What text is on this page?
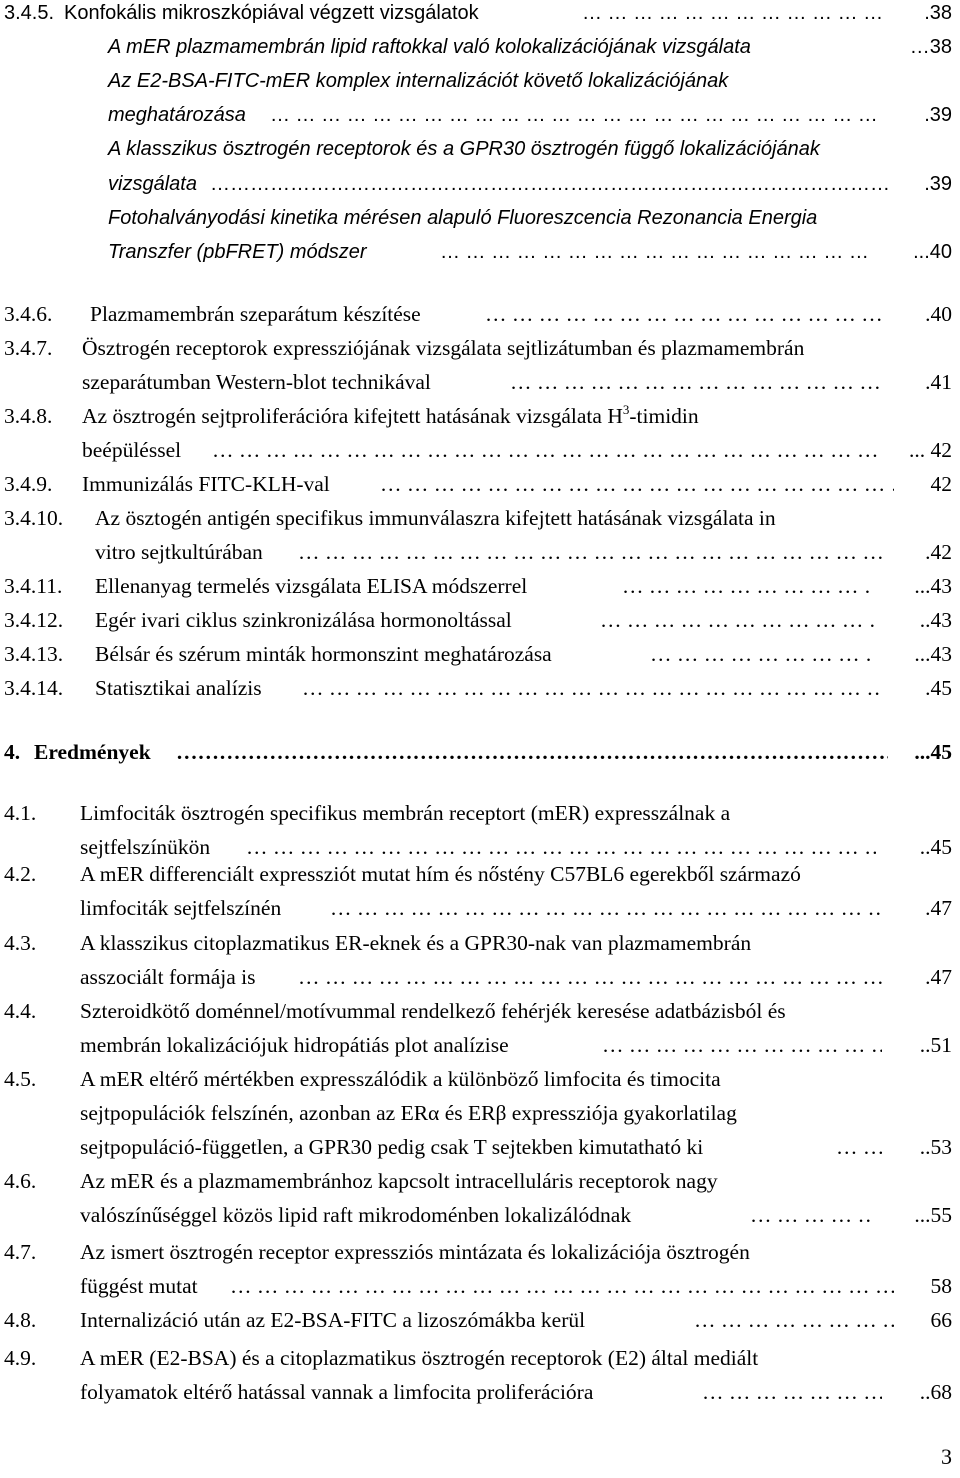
3.4.5. Konfokális mikroszkópiával végzett vizsgálatok … … … … … … … … … … … … … … … … … … … … … … … … … … … … … … … … … … … … … … … … … … … … …	.38
A mER plazmamembrán lipid raftokkal való kolokalizációjának vizsgálata	…38
Az E2-BSA-FITC-mER komplex internalizációt követő lokalizációjának
meghatározása … … … … … … … … … … … … … … … … … … … … … … … … … … … … … … … … … … … … … … … … … … … … …	.39
A klasszikus ösztrogén receptorok és a GPR30 ösztrogén függő lokalizációjának
vizsgálata ……………………………………………………………………………………………………………………………………	.39
Fotohalványodási kinetika mérésen alapuló Fluoreszcencia Rezonancia Energia
Transzfer (pbFRET) módszer … … … … … … … … … … … … … … … … … … … … … … … … … … … … … … … … … … … … … … … … … … … … …	...40
3.4.6. Plazmamembrán szeparátum készítése … … … … … … … … … … … … … … … … … … … … … … … … … … … … … … … … … … … … … … … … … … … … …	.40
3.4.7. Ösztrogén receptorok expressziójának vizsgálata sejtlizátumban és plazmamembrán
szeparátumban Western-blot technikával … … … … … … … … … … … … … … … … … … … … … … … … … … … … … … … … … … … … … … … … … … … … …	.41
3.4.8. Az ösztrogén sejtproliferációra kifejtett hatásának vizsgálata $H^3$-timidin
beépüléssel … … … … … … … … … … … … … … … … … … … … … … … … … … … … … … … … … … … … … … … … … … … … …	... 42
3.4.9. Immunizálás FITC-KLH-val … … … … … … … … … … … … … … … … … … … … … … … … … … … … … … … … … … … … … … … … … … … … …	42
3.4.10. Az ösztogén antigén specifikus immunválaszra kifejtett hatásának vizsgálata in
vitro sejtkultúrában … … … … … … … … … … … … … … … … … … … … … … … … … … … … … … … … … … … … … … … … … … … … …	.42
3.4.11. Ellenanyag termelés vizsgálata ELISA módszerrel … … … … … … … … … … … … … … … … … … … … … … … … … … … … … … … … … … … … … … … … … … … … …	...43
3.4.12. Egér ivari ciklus szinkronizálása hormonoltással … … … … … … … … … … … … … … … … … … … … … … … … … … … … … … … … … … … … … … … … … … … … …	..43
3.4.13. Bélsár és szérum minták hormonszint meghatározása … … … … … … … … … … … … … … … … … … … … … … … … … … … … … … … … … … … … … … … … … … … … …	...43
3.4.14. Statisztikai analízis … … … … … … … … … … … … … … … … … … … … … … … … … … … … … … … … … … … … … … … … … … … … …	.45
4. Eredmények ……………………………………………………………………………………………………………………………………	...45
4.1. Limfociták ösztrogén specifikus membrán receptort (mER) expresszálnak a
sejtfelszínükön … … … … … … … … … … … … … … … … … … … … … … … … … … … … … … … … … … … … … … … … … … … … …	..45
4.2. A mER differenciált expressziót mutat hím és nőstény C57BL6 egerekből származó
limfociták sejtfelszínén … … … … … … … … … … … … … … … … … … … … … … … … … … … … … … … … … … … … … … … … … … … … …	.47
4.3. A klasszikus citoplazmatikus ER-eknek és a GPR30-nak van plazmamembrán
asszociált formája is … … … … … … … … … … … … … … … … … … … … … … … … … … … … … … … … … … … … … … … … … … … … …	.47
4.4. Szteroidkötő doménnel/motívummal rendelkező fehérjék keresése adatbázisból és
membrán lokalizációjuk hidropátiás plot analízise … … … … … … … … … … … … … … … … … … … … … … … … … … … … … … … … … … … … … … … … … … … … …	..51
4.5. A mER eltérő mértékben expresszálódik a különböző limfocita és timocita
sejtpopulációk felszínén, azonban az ERα és ERβ expressziója gyakorlatilag
sejtpopuláció-független, a GPR30 pedig csak T sejtekben kimutatható ki … … … … … … … … … … … … … … … … … … … … … … … … … … … … … … … … … … … … … … … … … … … … …	..53
4.6. Az mER és a plazmamembránhoz kapcsolt intracelluláris receptorok nagy
valószínűséggel közös lipid raft mikrodoménben lokalizálódnak … … … … … … … … … … … … … … … … … … … … … … … … … … … … … … … … … … … … … … … … … … … … …	...55
4.7. Az ismert ösztrogén receptor expressziós mintázata és lokalizációja ösztrogén
függést mutat … … … … … … … … … … … … … … … … … … … … … … … … … … … … … … … … … … … … … … … … … … … … …	58
4.8. Internalizáció után az E2-BSA-FITC a lizoszómákba kerül … … … … … … … … … … … … … … … … … … … … … … … … … … … … … … … … … … … … … … … … … … … … …	66
4.9. A mER (E2-BSA) és a citoplazmatikus ösztrogén receptorok (E2) által mediált
folyamatok eltérő hatással vannak a limfocita proliferációra … … … … … … … … … … … … … … … … … … … … … … … … … … … … … … … … … … … … … … … … … … … … …	..68
3
